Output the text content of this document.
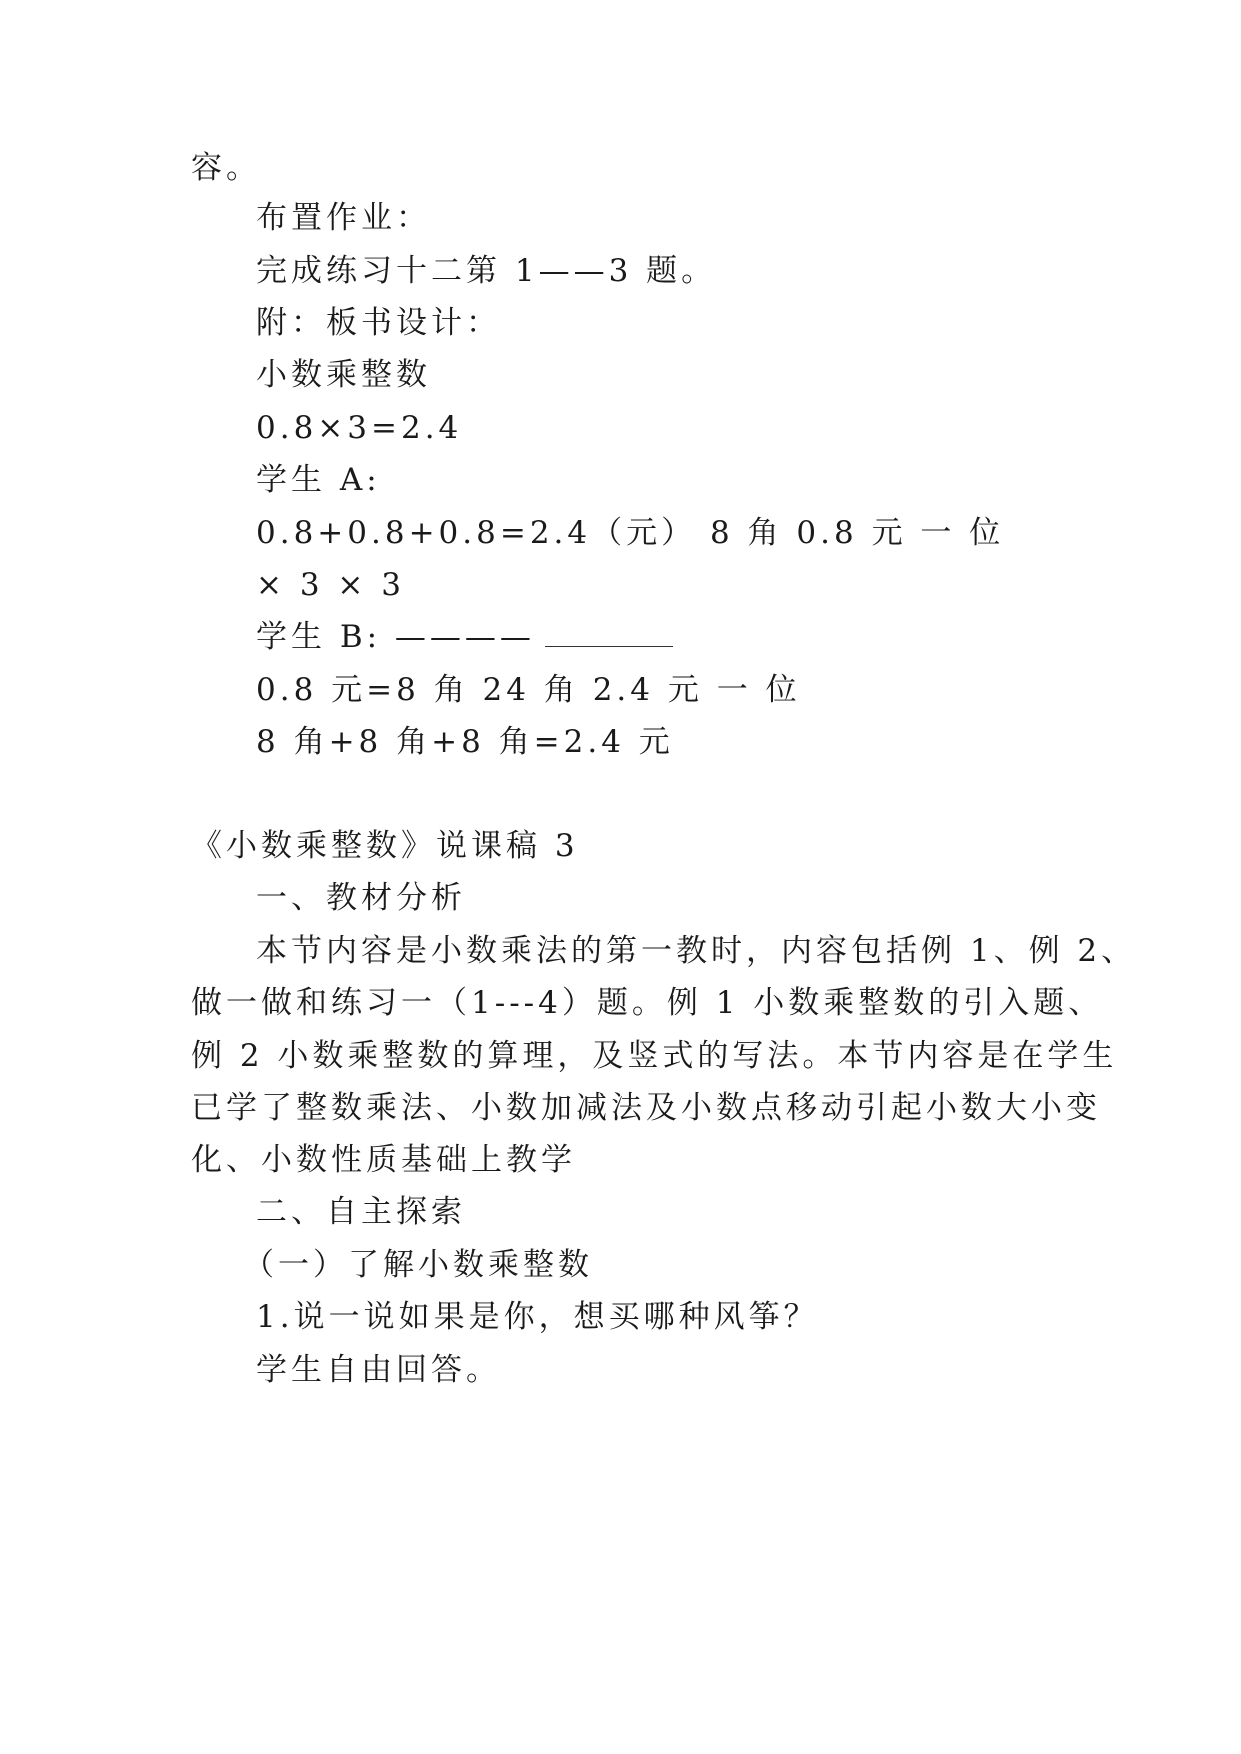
容。
布置作业：
完成练习十二第 1——3 题。
附：板书设计：
小数乘整数
0.8×3=2.4
学生 A:
0.8+0.8+0.8=2.4（元） 8 角 0.8 元 一 位
× 3 × 3
学生 B: ————
0.8 元=8 角 24 角 2.4 元 一 位
8 角+8 角+8 角=2.4 元
《小数乘整数》说课稿 3
一、教材分析
本节内容是小数乘法的第一教时，内容包括例 1、例 2、
做一做和练习一（1---4）题。例 1 小数乘整数的引入题、
例 2 小数乘整数的算理，及竖式的写法。本节内容是在学生
已学了整数乘法、小数加减法及小数点移动引起小数大小变
化、小数性质基础上教学
二、自主探索
（一）了解小数乘整数
1.说一说如果是你，想买哪种风筝？
学生自由回答。
